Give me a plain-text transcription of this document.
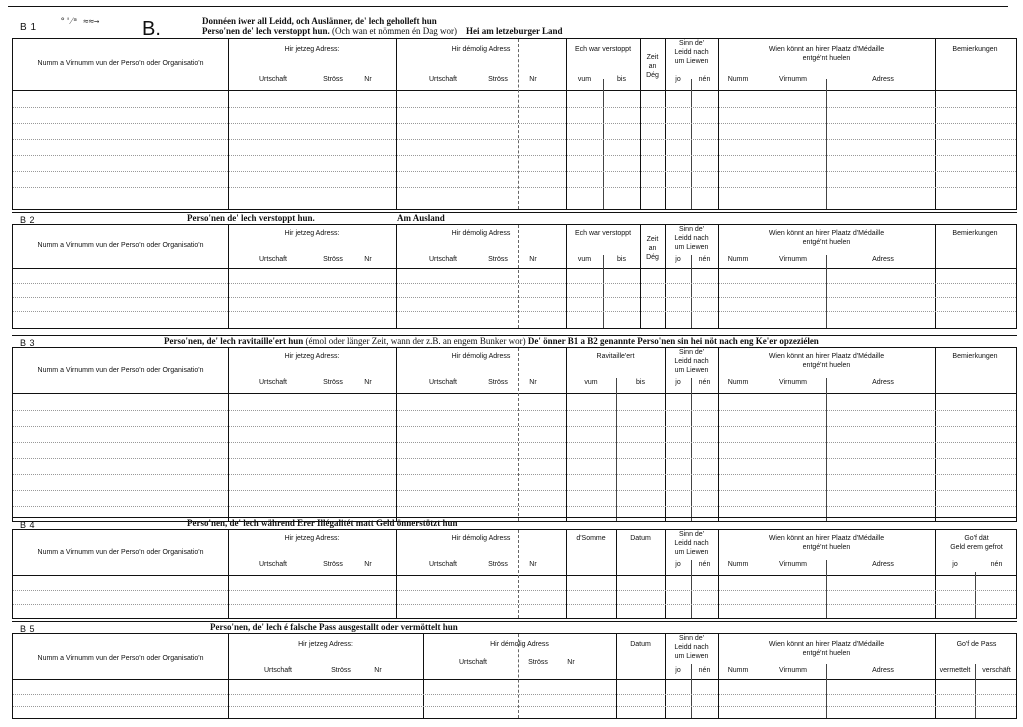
B 1	°'⁄ᵃ ≈≈→ B.	Donnéen iwer all Leidd, och Auslänner, de' lech geholleft hun
Perso'nen de' lech verstoppt hun. (Och wan et nömmen én Dag wor) Hei am letzeburger Land
Numm a Virnumm vun der Perso'n oder Organisatio'n
Hir jetzeg Adress:
Urtschaft	Ströss	Nr
Hir démolig Adress
Urtschaft	Ströss	Nr
Ech war verstoppt
vum	bis
Zeit
an
Dég
Sinn de'
Leidd nach
um Liewen
jo	nén
Wien könnt an hirer Plaatz d'Médaille
entgé'nt huelen
Numm	Virnumm	Adress
Bemierkungen
B 2	Perso'nen de' lech verstoppt hun.	Am Ausland
Numm a Virnumm vun der Perso'n oder Organisatio'n
Hir jetzeg Adress:
Urtschaft	Ströss	Nr
Hir démolig Adress
Urtschaft	Ströss	Nr
Ech war verstoppt
vum	bis
Zeit
an
Dég
Sinn de'
Leidd nach
um Liewen
jo	nén
Wien könnt an hirer Plaatz d'Médaille
entgé'nt huelen
Numm	Virnumm	Adress
Bemierkungen
B 3	Perso'nen, de' lech ravitaille'ert hun (émol oder länger Zeit, wann der z.B. an engem Bunker wor) De' önner B1 a B2 genannte Perso'nen sin hei nöt nach eng Ke'er opzeziélen
Numm a Virnumm vun der Perso'n oder Organisatio'n
Hir jetzeg Adress:
Urtschaft	Ströss	Nr
Hir démolig Adress
Urtschaft	Ströss	Nr
Ravitaille'ert
vum	bis
Sinn de'
Leidd nach
um Liewen
jo	nén
Wien könnt an hirer Plaatz d'Médaille
entgé'nt huelen
Numm	Virnumm	Adress
Bemierkungen
B 4	Perso'nen, de' lech während Erer Illégalitét matt Geld önnerstötzt hun
Numm a Virnumm vun der Perso'n oder Organisatio'n
Hir jetzeg Adress:
Urtschaft	Ströss	Nr
Hir démolig Adress
Urtschaft	Ströss	Nr
d'Somme	Datum
Sinn de'
Leidd nach
um Liewen
jo	nén
Wien könnt an hirer Plaatz d'Médaille
entgé'nt huelen
Numm	Virnumm	Adress
Go'f dät
Geld erem gefrot
jo	nén
B 5	Perso'nen, de' lech é falsche Pass ausgestallt oder vermöttelt hun
Numm a Virnumm vun der Perso'n oder Organisatio'n
Hir jetzeg Adress:
Urtschaft	Ströss	Nr
Hir démolig Adress
Urtschaft	Ströss	Nr
Datum
Sinn de'
Leidd nach
um Liewen
jo	nén
Wien könnt an hirer Plaatz d'Médaille
entgé'nt huelen
Numm	Virnumm	Adress
Go'f de Pass
vermettelt	verschäft
